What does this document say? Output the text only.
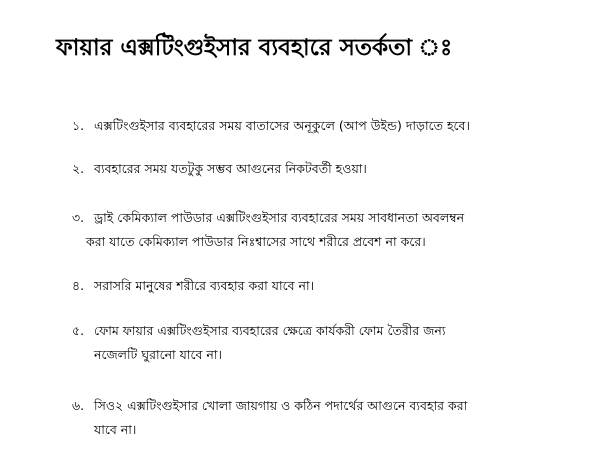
ফায়ার এক্সটিংগুইসার ব্যবহারে সতর্কতা ঃ
১. এক্সটিংগুইসার ব্যবহারের সময় বাতাসের অনূকুলে (আপ উইন্ড) দাড়াতে হবে।
২. ব্যবহারের সময় যতটুকু সম্ভব আগুনের নিকটবর্তী হওয়া।
৩. ড্রাই কেমিক্যাল পাউডার এক্সটিংগুইসার ব্যবহারের সময় সাবধানতা অবলম্বন
করা যাতে কেমিক্যাল পাউডার নিঃশ্বাসের সাথে শরীরে প্রবেশ না করে।
৪. সরাসরি মানুষের শরীরে ব্যবহার করা যাবে না।
৫. ফোম ফায়ার এক্সটিংগুইসার ব্যবহারের ক্ষেত্রে কার্যকরী ফোম তৈরীর জন্য
নজেলটি ঘুরানো যাবে না।
৬. সিও২ এক্সটিংগুইসার খোলা জায়গায় ও কঠিন পদার্থের আগুনে ব্যবহার করা
যাবে না।
